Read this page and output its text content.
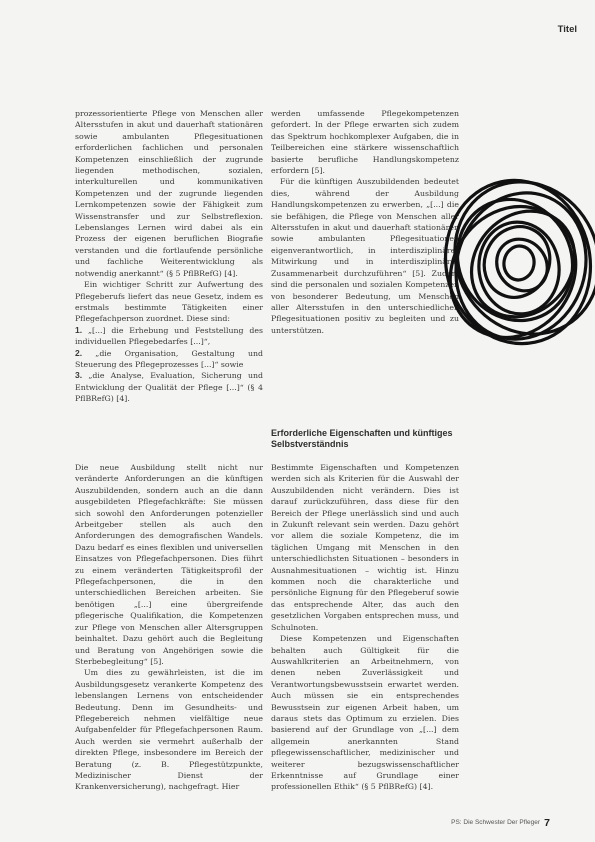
Titel

prozessorientierte Pflege von Menschen aller Altersstufen in akut und dauerhaft stationären sowie ambulanten Pflegesituationen erforderlichen fachlichen und personalen Kompetenzen einschließlich der zugrunde liegenden methodischen, sozialen, interkulturellen und kommunikativen Kompetenzen und der zugrunde liegenden Lernkompetenzen sowie der Fähigkeit zum Wissenstransfer und zur Selbstreflexion. Lebenslanges Lernen wird dabei als ein Prozess der eigenen beruflichen Biografie verstanden und die fortlaufende persönliche und fachliche Weiterentwicklung als notwendig anerkannt“ (§ 5 PflBRefG) [4].

Ein wichtiger Schritt zur Aufwertung des Pflegeberufs liefert das neue Gesetz, indem es erstmals bestimmte Tätigkeiten einer Pflegefachperson zuordnet. Diese sind:

1. „[...] die Erhebung und Feststellung des individuellen Pflegebedarfes [...]“,
2. „die Organisation, Gestaltung und Steuerung des Pflegeprozesses [...]“ sowie
3. „die Analyse, Evaluation, Sicherung und Entwicklung der Qualität der Pflege [...]“ (§ 4 PflBRefG) [4].

Die neue Ausbildung stellt nicht nur veränderte Anforderungen an die künftigen Auszubildenden, sondern auch an die dann ausgebildeten Pflegefachkräfte: Sie müssen sich sowohl den Anforderungen potenzieller Arbeitgeber stellen als auch den Anforderungen des demografischen Wandels. Dazu bedarf es eines flexiblen und universellen Einsatzes von Pflegefachpersonen. Dies führt zu einem veränderten Tätigkeitsprofil der Pflegefachpersonen, die in den unterschiedlichen Bereichen arbeiten. Sie benötigen „[...] eine übergreifende pflegerische Qualifikation, die Kompetenzen zur Pflege von Menschen aller Altersgruppen beinhaltet. Dazu gehört auch die Begleitung und Beratung von Angehörigen sowie die Sterbebegleitung“ [5].

Um dies zu gewährleisten, ist die im Ausbildungsgesetz verankerte Kompetenz des lebenslangen Lernens von entscheidender Bedeutung. Denn im Gesundheits- und Pflegebereich nehmen vielfältige neue Aufgabenfelder für Pflegefachpersonen Raum. Auch werden sie vermehrt außerhalb der direkten Pflege, insbesondere im Bereich der Beratung (z. B. Pflegestützpunkte, Medizinischer Dienst der Krankenversicherung), nachgefragt. Hier

werden umfassende Pflegekompetenzen gefordert. In der Pflege erwarten sich zudem das Spektrum hochkomplexer Aufgaben, die in Teilbereichen eine stärkere wissenschaftlich basierte berufliche Handlungskompetenz erfordern [5].

Für die künftigen Auszubildenden bedeutet dies, während der Ausbildung Handlungskompetenzen zu erwerben, „[...] die sie befähigen, die Pflege von Menschen aller Altersstufen in akut und dauerhaft stationären sowie ambulanten Pflegesituationen eigenverantwortlich, in interdisziplinärer Mitwirkung und in interdisziplinärer Zusammenarbeit durchzuführen“ [5]. Zudem sind die personalen und sozialen Kompetenzen von besonderer Bedeutung, um Menschen aller Altersstufen in den unterschiedlichen Pflegesituationen positiv zu begleiten und zu unterstützen.

Erforderliche Eigenschaften und künftiges Selbstverständnis

Bestimmte Eigenschaften und Kompetenzen werden sich als Kriterien für die Auswahl der Auszubildenden nicht verändern. Dies ist darauf zurückzuführen, dass diese für den Bereich der Pflege unerlässlich sind und auch in Zukunft relevant sein werden. Dazu gehört vor allem die soziale Kompetenz, die im täglichen Umgang mit Menschen in den unterschiedlichsten Situationen – besonders in Ausnahmesituationen – wichtig ist. Hinzu kommen noch die charakterliche und persönliche Eignung für den Pflegeberuf sowie das entsprechende Alter, das auch den gesetzlichen Vorgaben entsprechen muss, und Schulnoten.

Diese Kompetenzen und Eigenschaften behalten auch Gültigkeit für die Auswahlkriterien an Arbeitnehmern, von denen neben Zuverlässigkeit und Verantwortungsbewusstsein erwartet werden. Auch müssen sie ein entsprechendes Bewusstsein zur eigenen Arbeit haben, um daraus stets das Optimum zu erzielen. Dies basierend auf der Grundlage von „[...] dem allgemein anerkannten Stand pflegewissenschaftlicher, medizinischer und weiterer bezugswissenschaftlicher Erkenntnisse auf Grundlage einer professionellen Ethik“ (§ 5 PflBRefG) [4].

PS: Die Schwester Der Pfleger 7
